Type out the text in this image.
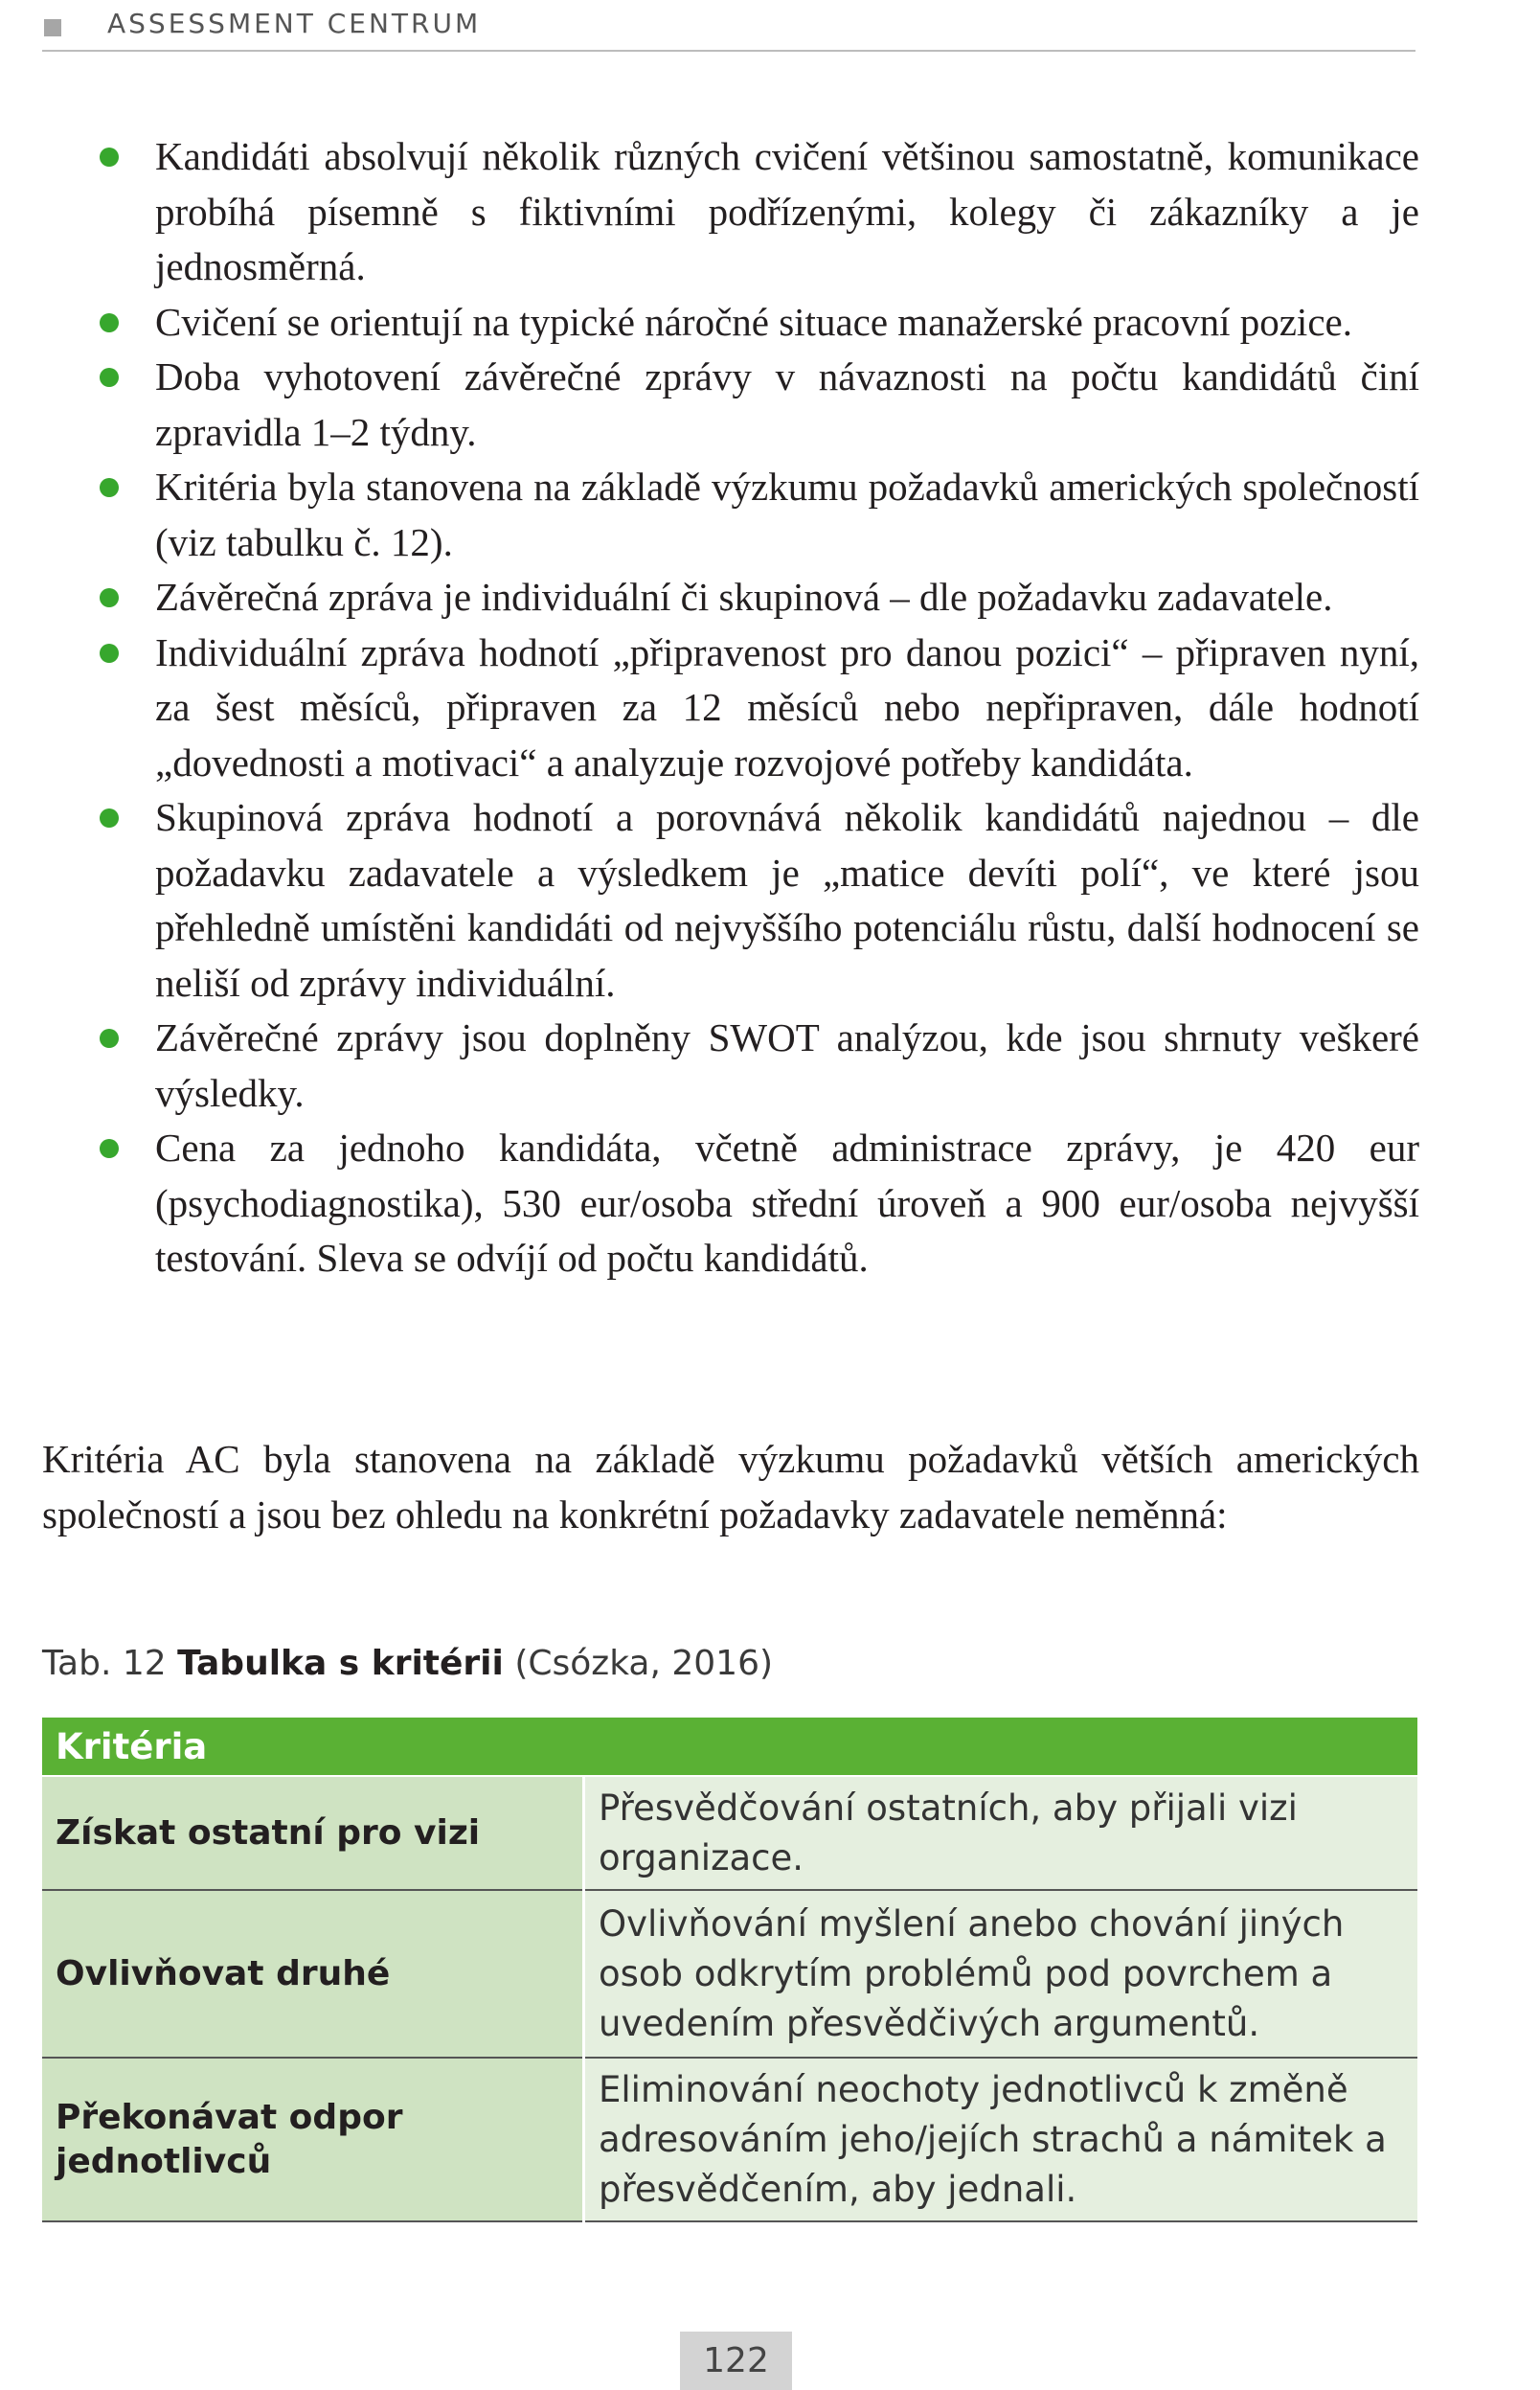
ASSESSMENT CENTRUM
Kandidáti absolvují několik různých cvičení většinou samostatně, komunikace probíhá písemně s fiktivními podřízenými, kolegy či zákazníky a je jednosměrná.
Cvičení se orientují na typické náročné situace manažerské pracovní pozice.
Doba vyhotovení závěrečné zprávy v návaznosti na počtu kandidátů činí zpravidla 1–2 týdny.
Kritéria byla stanovena na základě výzkumu požadavků amerických společností (viz tabulku č. 12).
Závěrečná zpráva je individuální či skupinová – dle požadavku zadavatele.
Individuální zpráva hodnotí „připravenost pro danou pozici“ – připraven nyní, za šest měsíců, připraven za 12 měsíců nebo nepřipraven, dále hodnotí „dovednosti a motivaci“ a analyzuje rozvojové potřeby kandidáta.
Skupinová zpráva hodnotí a porovnává několik kandidátů najednou – dle požadavku zadavatele a výsledkem je „matice devíti polí“, ve které jsou přehledně umístěni kandidáti od nejvyššího potenciálu růstu, další hodnocení se neliší od zprávy individuální.
Závěrečné zprávy jsou doplněny SWOT analýzou, kde jsou shrnuty veškeré výsledky.
Cena za jednoho kandidáta, včetně administrace zprávy, je 420 eur (psychodiagnostika), 530 eur/osoba střední úroveň a 900 eur/osoba nejvyšší testování. Sleva se odvíjí od počtu kandidátů.

Kritéria AC byla stanovena na základě výzkumu požadavků větších amerických společností a jsou bez ohledu na konkrétní požadavky zadavatele neměnná:

Tab. 12 Tabulka s kritérii (Csózka, 2016)

Kritéria	
Získat ostatní pro vizi	Přesvědčování ostatních, aby přijali vizi organizace.
Ovlivňovat druhé	Ovlivňování myšlení anebo chování jiných osob odkrytím problémů pod povrchem a uvedením přesvědčivých argumentů.
Překonávat odpor jednotlivců	Eliminování neochoty jednotlivců k změně adresováním jeho/jejích strachů a námitek a přesvědčením, aby jednali.
122
